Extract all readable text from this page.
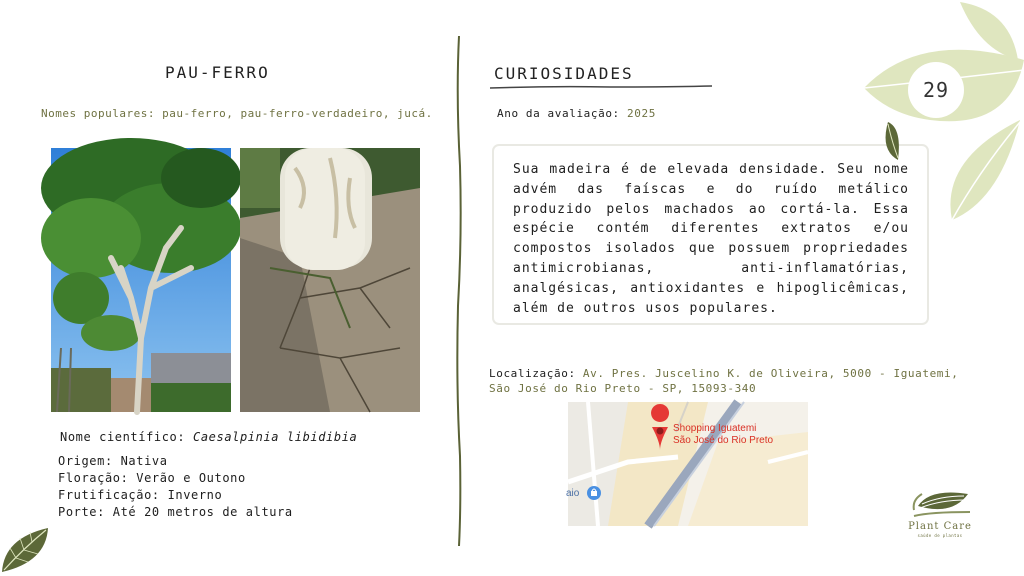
PAU-FERRO
Nomes populares: pau-ferro, pau-ferro-verdadeiro, jucá.
Nome científico: Caesalpinia libidibia
Origem: Nativa
Floração: Verão e Outono
Frutificação: Inverno
Porte: Até 20 metros de altura
CURIOSIDADES
Ano da avaliação: 2025

Sua madeira é de elevada densidade. Seu nome advém das faíscas e do ruído metálico produzido pelos machados ao cortá-la. Essa espécie contém diferentes extratos e/ou compostos isolados que possuem propriedades antimicrobianas, anti-inflamatórias, analgésicas, antioxidantes e hipoglicêmicas, além de outros usos populares.

Localização: Av. Pres. Juscelino K. de Oliveira, 5000 - Iguatemi, São José do Rio Preto - SP, 15093-340
Shopping Iguatemi
São José do Rio Preto
aio
29
Plant Care
saúde de plantas
